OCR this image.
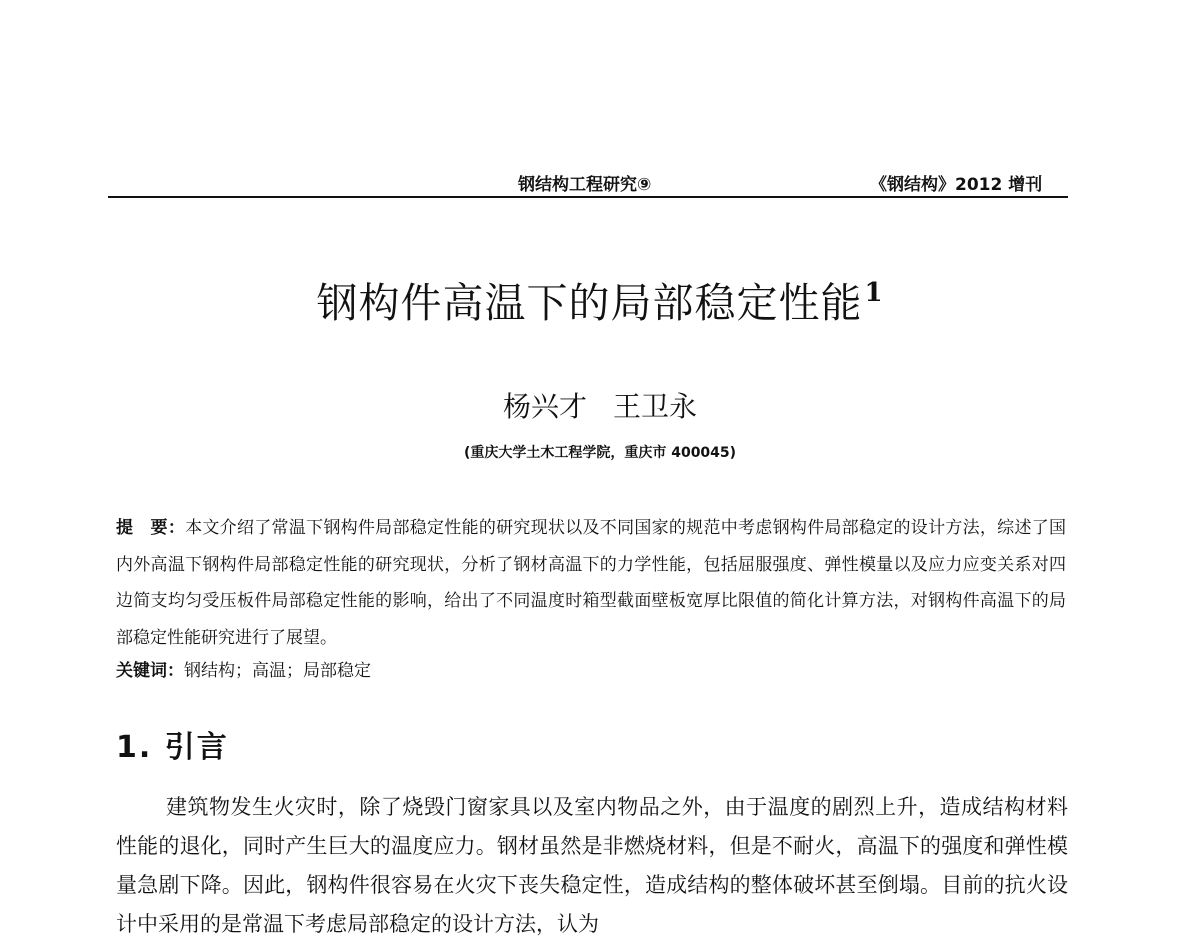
钢结构工程研究⑨	《钢结构》2012 增刊
钢构件高温下的局部稳定性能$^1$
杨兴才 王卫永
(重庆大学土木工程学院，重庆市 400045)
提　要：本文介绍了常温下钢构件局部稳定性能的研究现状以及不同国家的规范中考虑钢构件局部稳定的设计方法，综述了国内外高温下钢构件局部稳定性能的研究现状，分析了钢材高温下的力学性能，包括屈服强度、弹性模量以及应力应变关系对四边简支均匀受压板件局部稳定性能的影响，给出了不同温度时箱型截面壁板宽厚比限值的简化计算方法，对钢构件高温下的局部稳定性能研究进行了展望。
关键词：钢结构；高温；局部稳定
1. 引言
建筑物发生火灾时，除了烧毁门窗家具以及室内物品之外，由于温度的剧烈上升，造成结构材料性能的退化，同时产生巨大的温度应力。钢材虽然是非燃烧材料，但是不耐火，高温下的强度和弹性模量急剧下降。因此，钢构件很容易在火灾下丧失稳定性，造成结构的整体破坏甚至倒塌。目前的抗火设计中采用的是常温下考虑局部稳定的设计方法，认为
